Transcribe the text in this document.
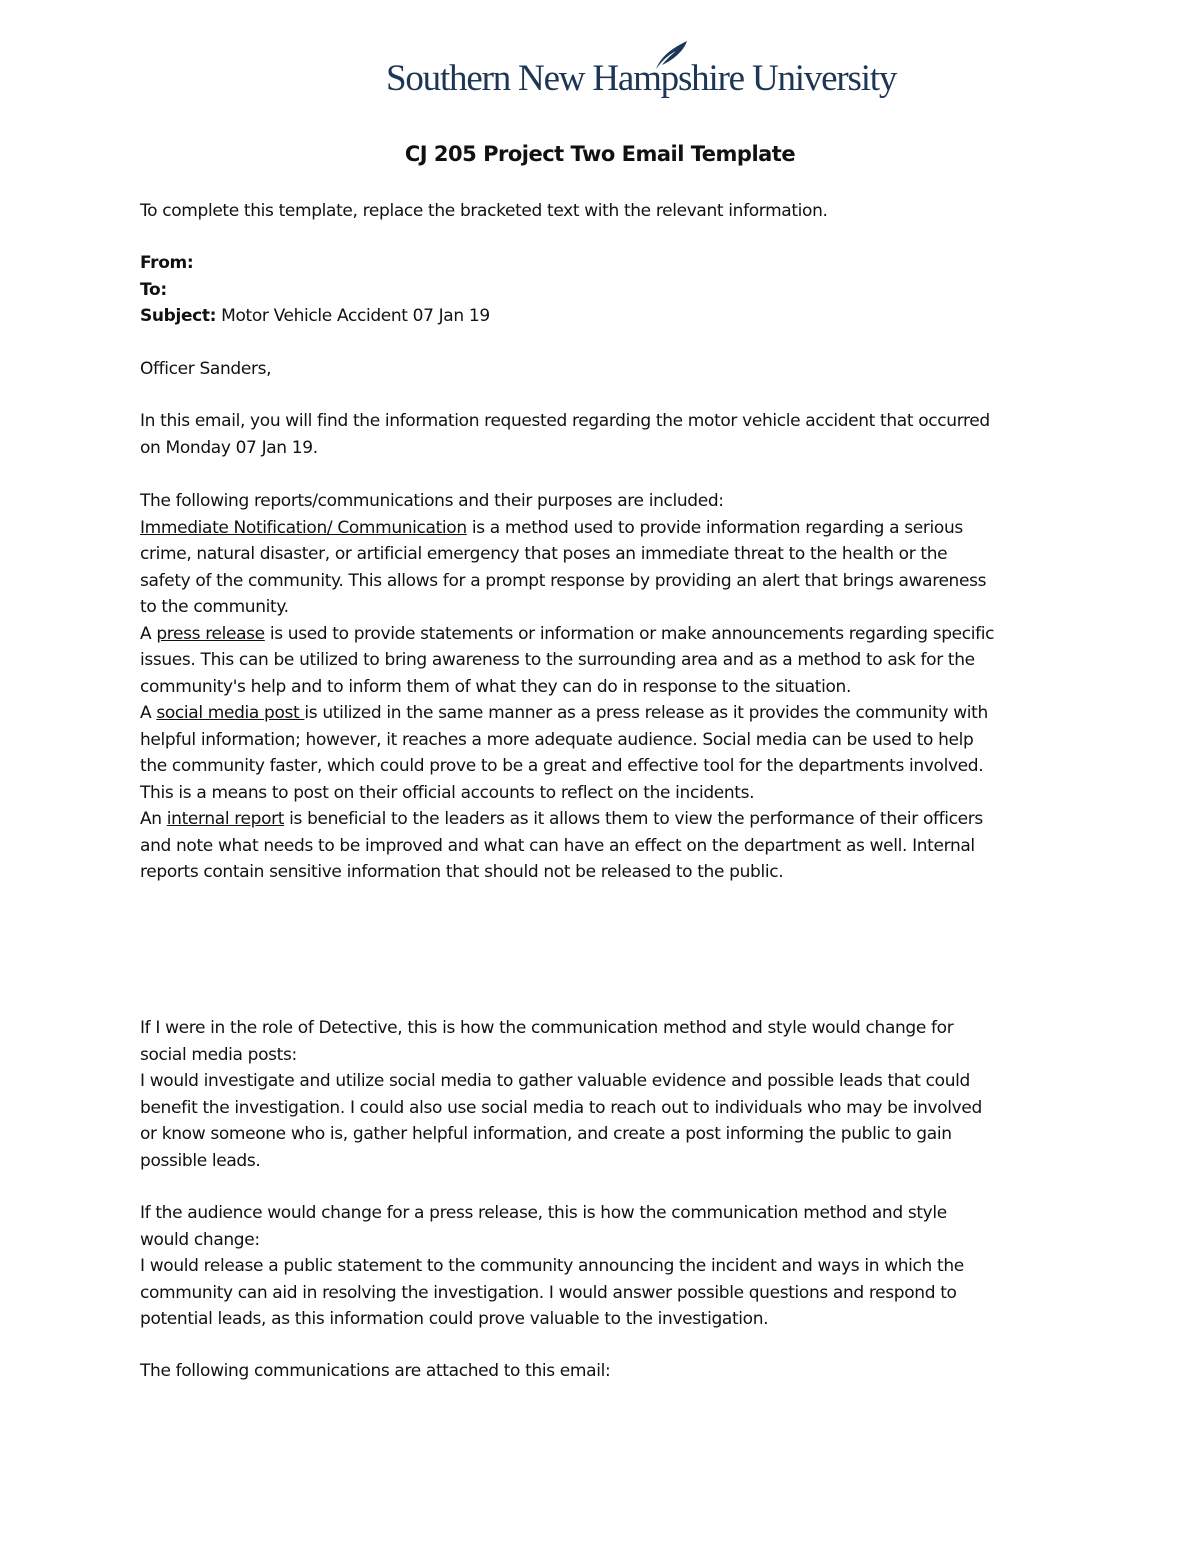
Southern New Hampshire University
CJ 205 Project Two Email Template

To complete this template, replace the bracketed text with the relevant information.

From:

To:

Subject: Motor Vehicle Accident 07 Jan 19

Officer Sanders,

In this email, you will find the information requested regarding the motor vehicle accident that occurred

on Monday 07 Jan 19.

The following reports/communications and their purposes are included:

Immediate Notification/ Communication is a method used to provide information regarding a serious

crime, natural disaster, or artificial emergency that poses an immediate threat to the health or the

safety of the community. This allows for a prompt response by providing an alert that brings awareness

to the community.

A press release is used to provide statements or information or make announcements regarding specific

issues. This can be utilized to bring awareness to the surrounding area and as a method to ask for the

community's help and to inform them of what they can do in response to the situation.

A social media post is utilized in the same manner as a press release as it provides the community with

helpful information; however, it reaches a more adequate audience. Social media can be used to help

the community faster, which could prove to be a great and effective tool for the departments involved.

This is a means to post on their official accounts to reflect on the incidents.

An internal report is beneficial to the leaders as it allows them to view the performance of their officers

and note what needs to be improved and what can have an effect on the department as well. Internal

reports contain sensitive information that should not be released to the public.

If I were in the role of Detective, this is how the communication method and style would change for

social media posts:

I would investigate and utilize social media to gather valuable evidence and possible leads that could

benefit the investigation. I could also use social media to reach out to individuals who may be involved

or know someone who is, gather helpful information, and create a post informing the public to gain

possible leads.

If the audience would change for a press release, this is how the communication method and style

would change:

I would release a public statement to the community announcing the incident and ways in which the

community can aid in resolving the investigation. I would answer possible questions and respond to

potential leads, as this information could prove valuable to the investigation.

The following communications are attached to this email:
